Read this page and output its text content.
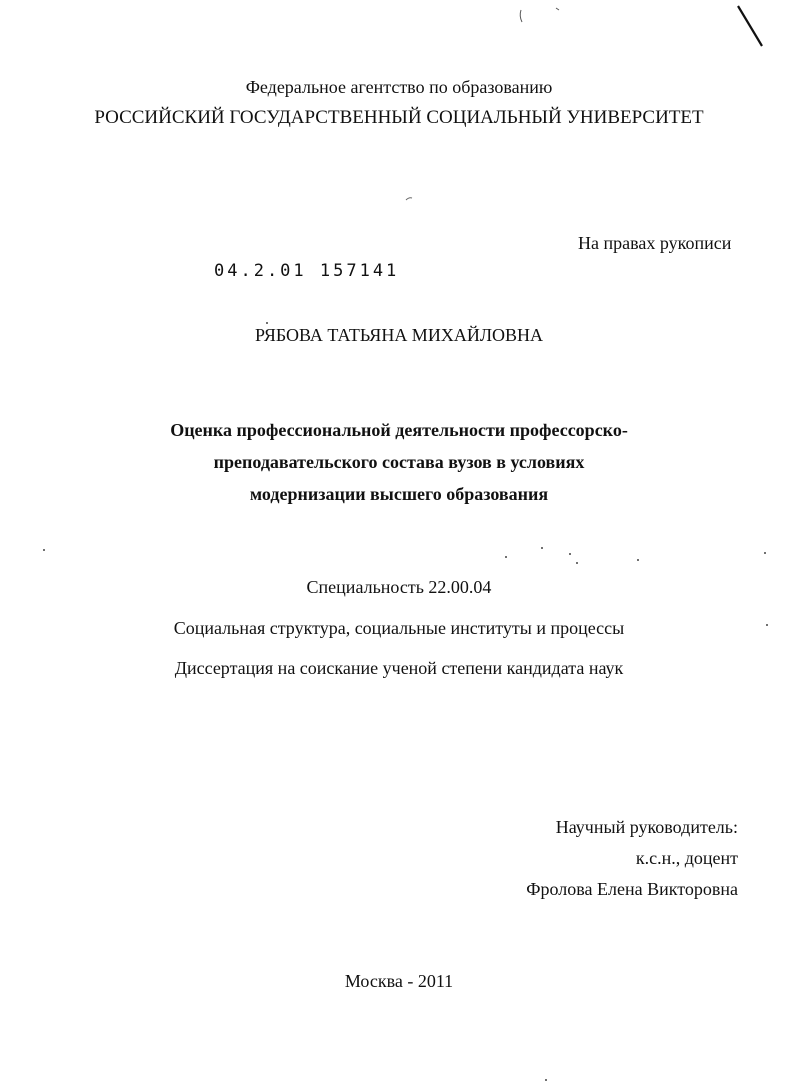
Федеральное агентство по образованию
РОССИЙСКИЙ ГОСУДАРСТВЕННЫЙ СОЦИАЛЬНЫЙ УНИВЕРСИТЕТ
На правах рукописи
04.2.01 157141
РЯБОВА ТАТЬЯНА МИХАЙЛОВНА
Оценка профессиональной деятельности профессорско-
преподавательского состава вузов в условиях
модернизации высшего образования
Специальность 22.00.04
Социальная структура, социальные институты и процессы
Диссертация на соискание ученой степени кандидата наук
Научный руководитель:
к.с.н., доцент
Фролова Елена Викторовна
Москва - 2011
